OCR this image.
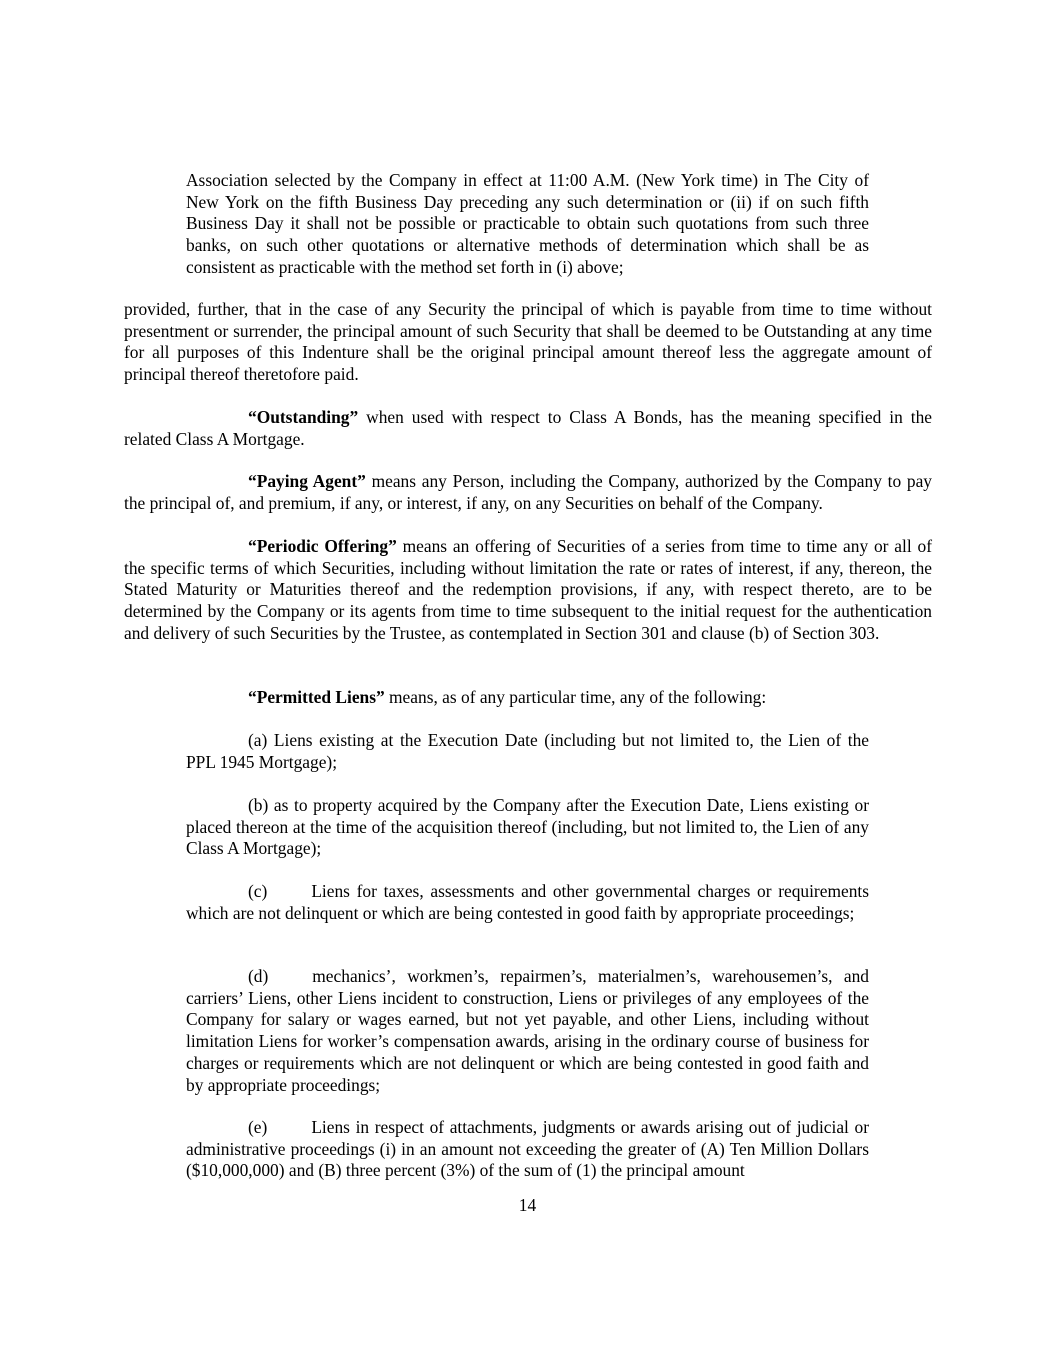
Association selected by the Company in effect at 11:00 A.M. (New York time) in The City of New York on the fifth Business Day preceding any such determination or (ii) if on such fifth Business Day it shall not be possible or practicable to obtain such quotations from such three banks, on such other quotations or alternative methods of determination which shall be as consistent as practicable with the method set forth in (i) above;

provided, further, that in the case of any Security the principal of which is payable from time to time without presentment or surrender, the principal amount of such Security that shall be deemed to be Outstanding at any time for all purposes of this Indenture shall be the original principal amount thereof less the aggregate amount of principal thereof theretofore paid.

“Outstanding” when used with respect to Class A Bonds, has the meaning specified in the related Class A Mortgage.

“Paying Agent” means any Person, including the Company, authorized by the Company to pay the principal of, and premium, if any, or interest, if any, on any Securities on behalf of the Company.

“Periodic Offering” means an offering of Securities of a series from time to time any or all of the specific terms of which Securities, including without limitation the rate or rates of interest, if any, thereon, the Stated Maturity or Maturities thereof and the redemption provisions, if any, with respect thereto, are to be determined by the Company or its agents from time to time subsequent to the initial request for the authentication and delivery of such Securities by the Trustee, as contemplated in Section 301 and clause (b) of Section 303.

“Permitted Liens” means, as of any particular time, any of the following:

(a) Liens existing at the Execution Date (including but not limited to, the Lien of the PPL 1945 Mortgage);

(b) as to property acquired by the Company after the Execution Date, Liens existing or placed thereon at the time of the acquisition thereof (including, but not limited to, the Lien of any Class A Mortgage);

(c)	Liens for taxes, assessments and other governmental charges or requirements which are not delinquent or which are being contested in good faith by appropriate proceedings;

(d)	mechanics’, workmen’s, repairmen’s, materialmen’s, warehousemen’s, and carriers’ Liens, other Liens incident to construction, Liens or privileges of any employees of the Company for salary or wages earned, but not yet payable, and other Liens, including without limitation Liens for worker’s compensation awards, arising in the ordinary course of business for charges or requirements which are not delinquent or which are being contested in good faith and by appropriate proceedings;

(e)	Liens in respect of attachments, judgments or awards arising out of judicial or administrative proceedings (i) in an amount not exceeding the greater of (A) Ten Million Dollars ($10,000,000) and (B) three percent (3%) of the sum of (1) the principal amount

14
